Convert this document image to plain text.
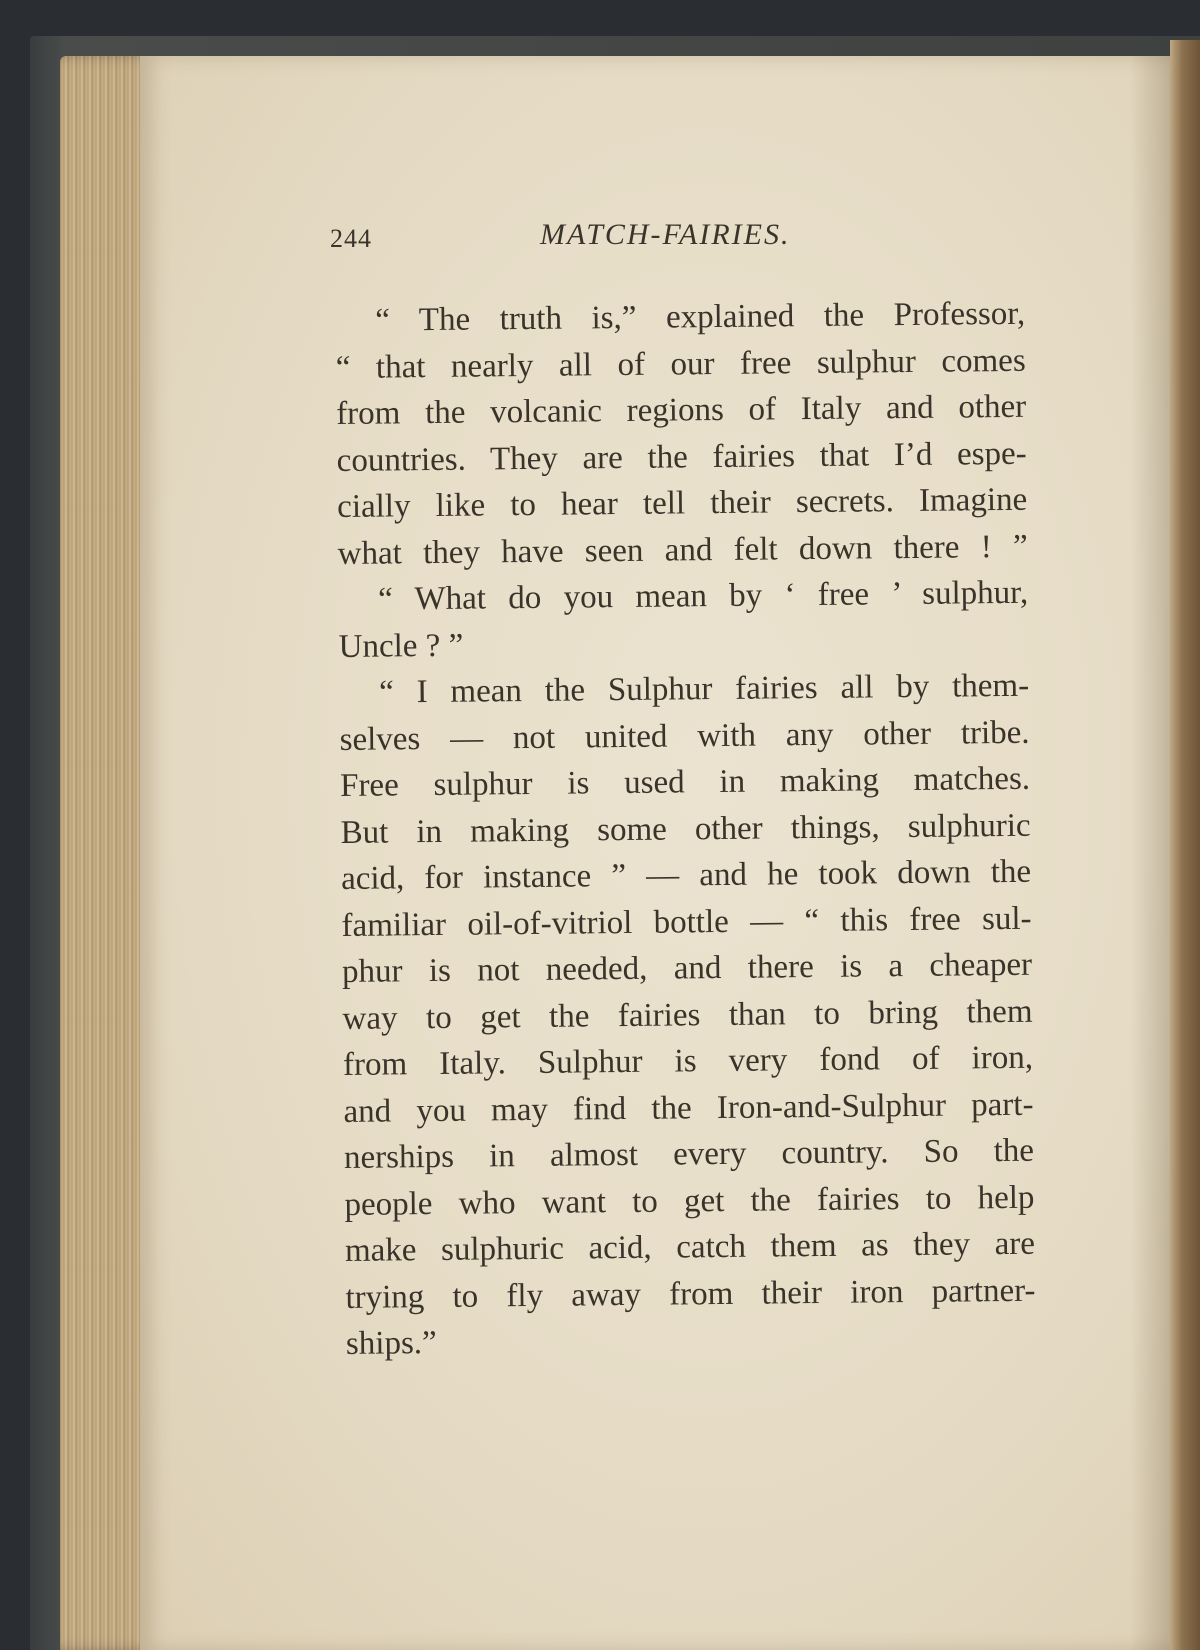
244	MATCH-FAIRIES.
“ The truth is,” explained the Professor,
“ that nearly all of our free sulphur comes
from the volcanic regions of Italy and other
countries. They are the fairies that I’d espe-
cially like to hear tell their secrets. Imagine
what they have seen and felt down there ! ”
“ What do you mean by ‘ free ’ sulphur,
Uncle ? ”
“ I mean the Sulphur fairies all by them-
selves — not united with any other tribe.
Free sulphur is used in making matches.
But in making some other things, sulphuric
acid, for instance ” — and he took down the
familiar oil-of-vitriol bottle — “ this free sul-
phur is not needed, and there is a cheaper
way to get the fairies than to bring them
from Italy. Sulphur is very fond of iron,
and you may find the Iron-and-Sulphur part-
nerships in almost every country. So the
people who want to get the fairies to help
make sulphuric acid, catch them as they are
trying to fly away from their iron partner-
ships.”
